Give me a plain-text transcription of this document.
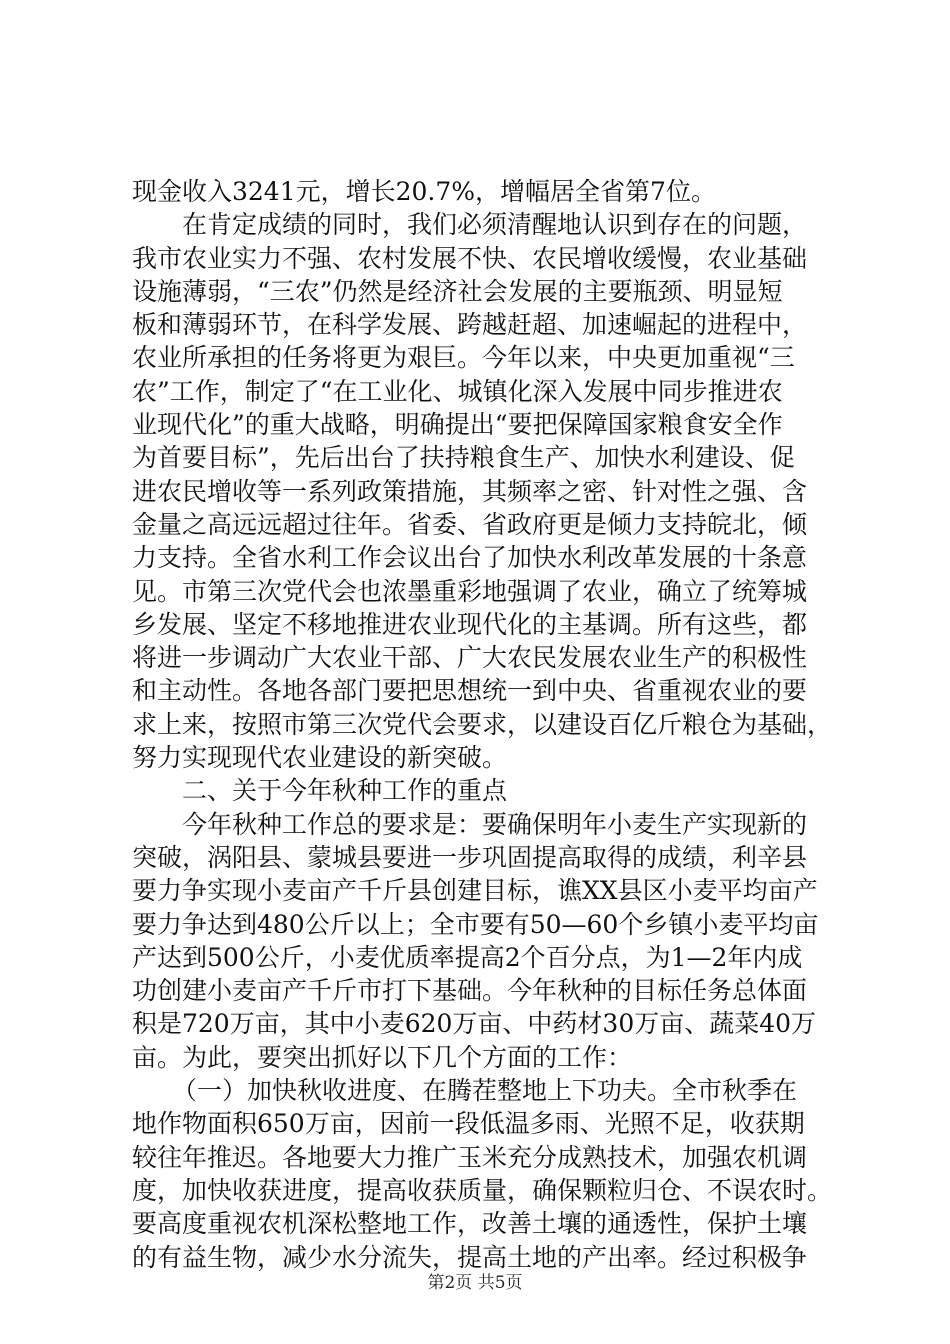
现金收入3241元，增长20.7%，增幅居全省第7位。
在肯定成绩的同时，我们必须清醒地认识到存在的问题，
我市农业实力不强、农村发展不快、农民增收缓慢，农业基础
设施薄弱，“三农”仍然是经济社会发展的主要瓶颈、明显短
板和薄弱环节，在科学发展、跨越赶超、加速崛起的进程中，
农业所承担的任务将更为艰巨。今年以来，中央更加重视“三
农”工作，制定了“在工业化、城镇化深入发展中同步推进农
业现代化”的重大战略，明确提出“要把保障国家粮食安全作
为首要目标”，先后出台了扶持粮食生产、加快水利建设、促
进农民增收等一系列政策措施，其频率之密、针对性之强、含
金量之高远远超过往年。省委、省政府更是倾力支持皖北，倾
力支持。全省水利工作会议出台了加快水利改革发展的十条意
见。市第三次党代会也浓墨重彩地强调了农业，确立了统筹城
乡发展、坚定不移地推进农业现代化的主基调。所有这些，都
将进一步调动广大农业干部、广大农民发展农业生产的积极性
和主动性。各地各部门要把思想统一到中央、省重视农业的要
求上来，按照市第三次党代会要求，以建设百亿斤粮仓为基础，
努力实现现代农业建设的新突破。
二、关于今年秋种工作的重点
今年秋种工作总的要求是：要确保明年小麦生产实现新的
突破，涡阳县、蒙城县要进一步巩固提高取得的成绩，利辛县
要力争实现小麦亩产千斤县创建目标，谯XX县区小麦平均亩产
要力争达到480公斤以上；全市要有50—60个乡镇小麦平均亩
产达到500公斤，小麦优质率提高2个百分点，为1—2年内成
功创建小麦亩产千斤市打下基础。今年秋种的目标任务总体面
积是720万亩，其中小麦620万亩、中药材30万亩、蔬菜40万
亩。为此，要突出抓好以下几个方面的工作：
（一）加快秋收进度、在腾茬整地上下功夫。全市秋季在
地作物面积650万亩，因前一段低温多雨、光照不足，收获期
较往年推迟。各地要大力推广玉米充分成熟技术，加强农机调
度，加快收获进度，提高收获质量，确保颗粒归仓、不误农时。
要高度重视农机深松整地工作，改善土壤的通透性，保护土壤
的有益生物，减少水分流失，提高土地的产出率。经过积极争
第2页 共5页
